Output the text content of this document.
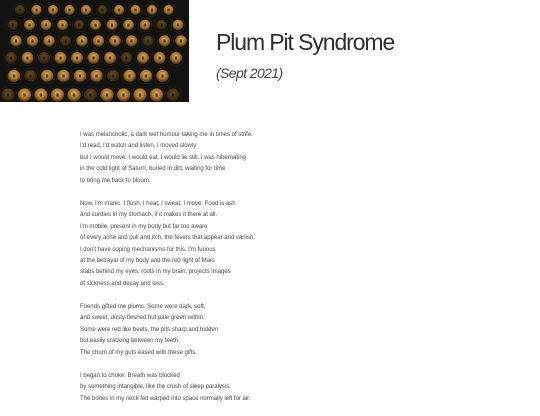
Plum Pit Syndrome
(Sept 2021)
I was melancholic, a dark wet humour taking me in times of strife.
I'd read, I'd watch and listen, I moved slowly
but I would move. I would eat. I would lie still. I was hibernating
in the cold light of Saturn, buried in dirt, waiting for time
to bring me back to bloom.
Now, I'm manic. I flush, I heat, I sweat, I move. Food is ash
and curdles in my stomach, if it makes it there at all.
I'm mobile, present in my body but far too aware
of every ache and pull and itch, the fevers that appear and vanish.
I don't have coping mechanisms for this. I'm furious
at the betrayal of my body and the red light of Mars
stabs behind my eyes, roots in my brain, projects images
of sickness and decay and loss.
Friends gifted me plums. Some were dark, soft,
and sweet, dusty-fleshed but pale green within.
Some were red like beets, the pits sharp and hidden
but easily cracking between my teeth.
The churn of my guts eased with these gifts.
I began to choke. Breath was blocked
by something intangible, like the crush of sleep paralysis.
The bones in my neck felt warped into space normally left for air.
